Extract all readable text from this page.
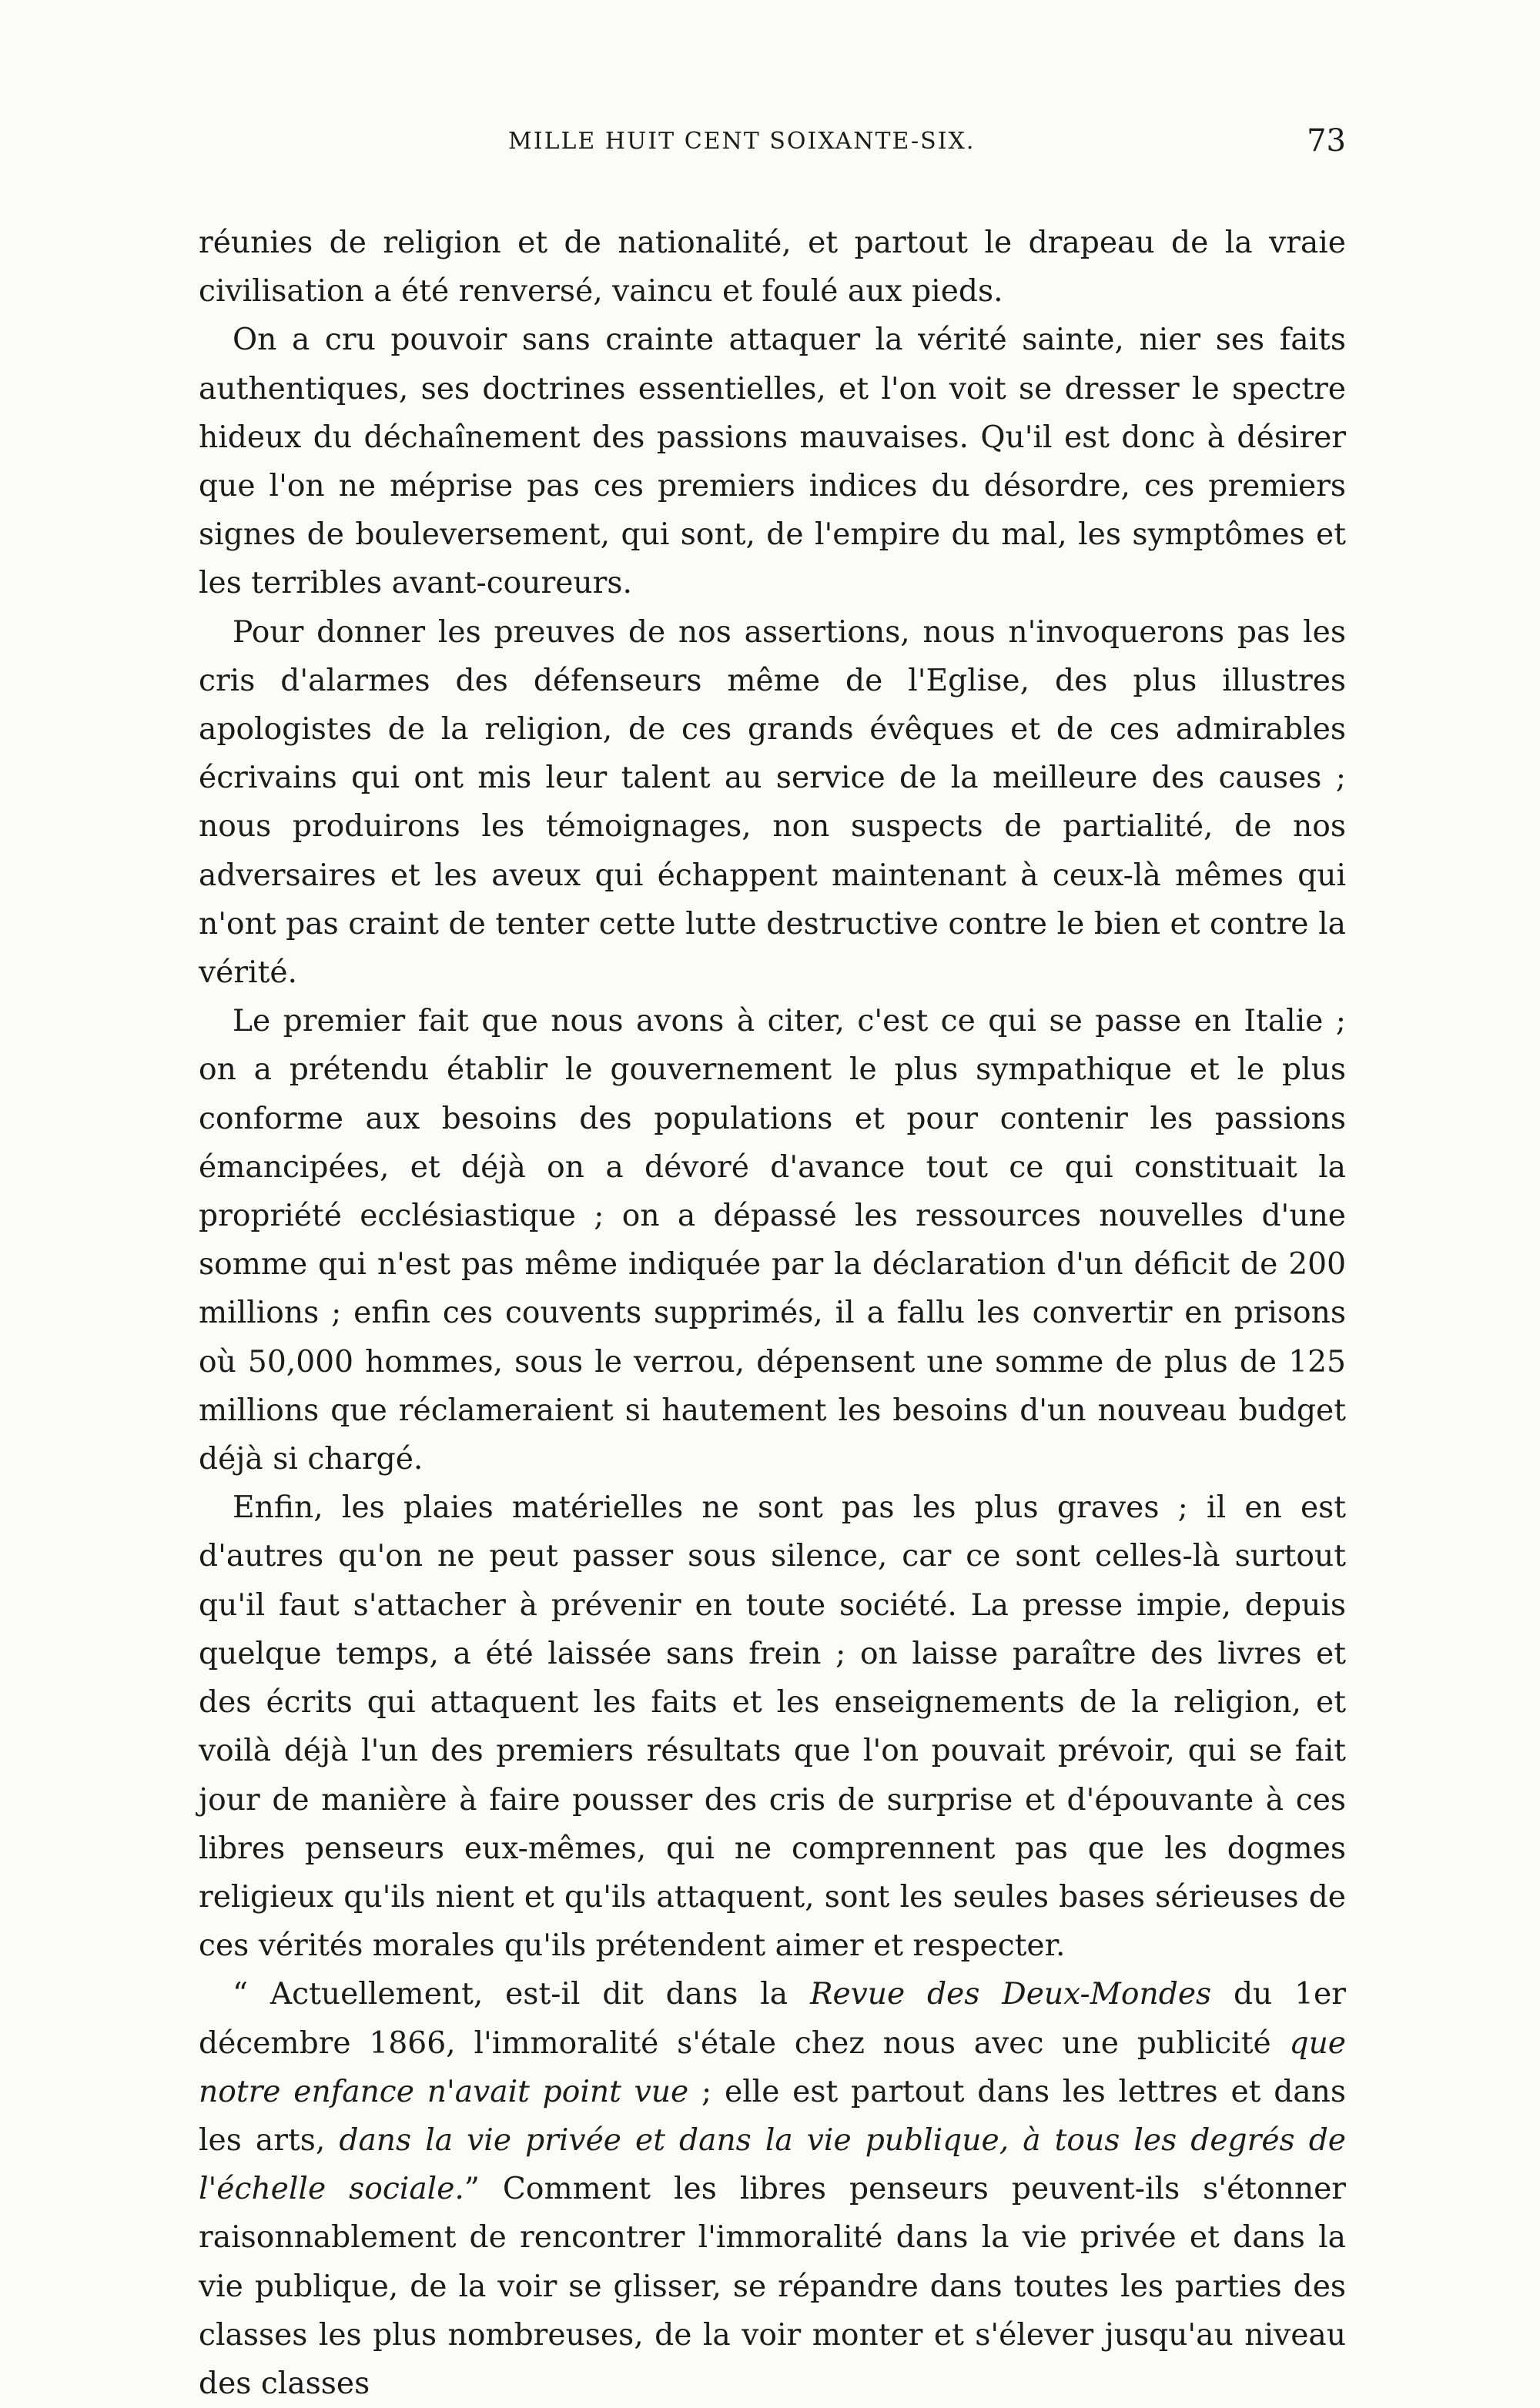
MILLE HUIT CENT SOIXANTE-SIX.	73

réunies de religion et de nationalité, et partout le drapeau de la vraie civilisation a été renversé, vaincu et foulé aux pieds.

On a cru pouvoir sans crainte attaquer la vérité sainte, nier ses faits authentiques, ses doctrines essentielles, et l'on voit se dresser le spectre hideux du déchaînement des passions mauvaises. Qu'il est donc à désirer que l'on ne méprise pas ces premiers indices du désordre, ces premiers signes de bouleversement, qui sont, de l'empire du mal, les symptômes et les terribles avant-coureurs.

Pour donner les preuves de nos assertions, nous n'invoquerons pas les cris d'alarmes des défenseurs même de l'Eglise, des plus illustres apologistes de la religion, de ces grands évêques et de ces admirables écrivains qui ont mis leur talent au service de la meilleure des causes ; nous produirons les témoignages, non suspects de partialité, de nos adversaires et les aveux qui échappent maintenant à ceux-là mêmes qui n'ont pas craint de tenter cette lutte destructive contre le bien et contre la vérité.

Le premier fait que nous avons à citer, c'est ce qui se passe en Italie ; on a prétendu établir le gouvernement le plus sympathique et le plus conforme aux besoins des populations et pour contenir les passions émancipées, et déjà on a dévoré d'avance tout ce qui constituait la propriété ecclésiastique ; on a dépassé les ressources nouvelles d'une somme qui n'est pas même indiquée par la déclaration d'un déficit de 200 millions ; enfin ces couvents supprimés, il a fallu les convertir en prisons où 50,000 hommes, sous le verrou, dépensent une somme de plus de 125 millions que réclameraient si hautement les besoins d'un nouveau budget déjà si chargé.

Enfin, les plaies matérielles ne sont pas les plus graves ; il en est d'autres qu'on ne peut passer sous silence, car ce sont celles-là surtout qu'il faut s'attacher à prévenir en toute société. La presse impie, depuis quelque temps, a été laissée sans frein ; on laisse paraître des livres et des écrits qui attaquent les faits et les enseignements de la religion, et voilà déjà l'un des premiers résultats que l'on pouvait prévoir, qui se fait jour de manière à faire pousser des cris de surprise et d'épouvante à ces libres penseurs eux-mêmes, qui ne comprennent pas que les dogmes religieux qu'ils nient et qu'ils attaquent, sont les seules bases sérieuses de ces vérités morales qu'ils prétendent aimer et respecter.

“ Actuellement, est-il dit dans la Revue des Deux-Mondes du 1er décembre 1866, l'immoralité s'étale chez nous avec une publicité que notre enfance n'avait point vue ; elle est partout dans les lettres et dans les arts, dans la vie privée et dans la vie publique, à tous les degrés de l'échelle sociale.” Comment les libres penseurs peuvent-ils s'étonner raisonnablement de rencontrer l'immoralité dans la vie privée et dans la vie publique, de la voir se glisser, se répandre dans toutes les parties des classes les plus nombreuses, de la voir monter et s'élever jusqu'au niveau des classes
